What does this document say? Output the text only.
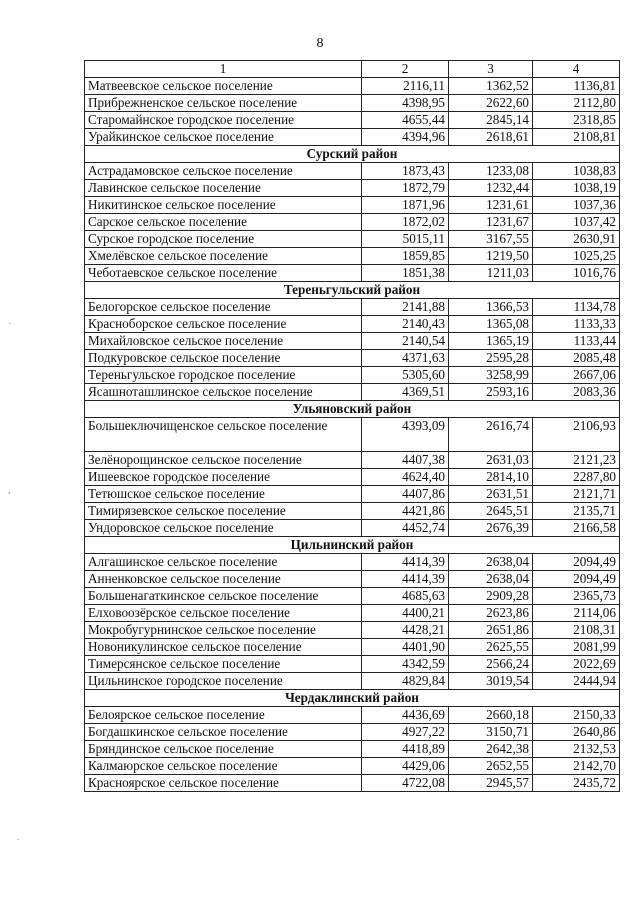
8
·
,
·
1	2	3	4
Матвеевское сельское поселение	2116,11	1362,52	1136,81
Прибрежненское сельское поселение	4398,95	2622,60	2112,80
Старомайнское городское поселение	4655,44	2845,14	2318,85
Урайкинское сельское поселение	4394,96	2618,61	2108,81
Сурский район			
Астрадамовское сельское поселение	1873,43	1233,08	1038,83
Лавинское сельское поселение	1872,79	1232,44	1038,19
Никитинское сельское поселение	1871,96	1231,61	1037,36
Сарское сельское поселение	1872,02	1231,67	1037,42
Сурское городское поселение	5015,11	3167,55	2630,91
Хмелёвское сельское поселение	1859,85	1219,50	1025,25
Чеботаевское сельское поселение	1851,38	1211,03	1016,76
Тереньгульский район			
Белогорское сельское поселение	2141,88	1366,53	1134,78
Красноборское сельское поселение	2140,43	1365,08	1133,33
Михайловское сельское поселение	2140,54	1365,19	1133,44
Подкуровское сельское поселение	4371,63	2595,28	2085,48
Тереньгульское городское поселение	5305,60	3258,99	2667,06
Ясашноташлинское сельское поселение	4369,51	2593,16	2083,36
Ульяновский район			
Большеключищенское сельское поселение	4393,09	2616,74	2106,93
Зелёнорощинское сельское поселение	4407,38	2631,03	2121,23
Ишеевское городское поселение	4624,40	2814,10	2287,80
Тетюшское сельское поселение	4407,86	2631,51	2121,71
Тимирязевское сельское поселение	4421,86	2645,51	2135,71
Ундоровское сельское поселение	4452,74	2676,39	2166,58
Цильнинский район			
Алгашинское сельское поселение	4414,39	2638,04	2094,49
Анненковское сельское поселение	4414,39	2638,04	2094,49
Большенагаткинское сельское поселение	4685,63	2909,28	2365,73
Елховоозёрское сельское поселение	4400,21	2623,86	2114,06
Мокробугурнинское сельское поселение	4428,21	2651,86	2108,31
Новоникулинское сельское поселение	4401,90	2625,55	2081,99
Тимерсянское сельское поселение	4342,59	2566,24	2022,69
Цильнинское городское поселение	4829,84	3019,54	2444,94
Чердаклинский район			
Белоярское сельское поселение	4436,69	2660,18	2150,33
Богдашкинское сельское поселение	4927,22	3150,71	2640,86
Бряндинское сельское поселение	4418,89	2642,38	2132,53
Калмаюрское сельское поселение	4429,06	2652,55	2142,70
Красноярское сельское поселение	4722,08	2945,57	2435,72
